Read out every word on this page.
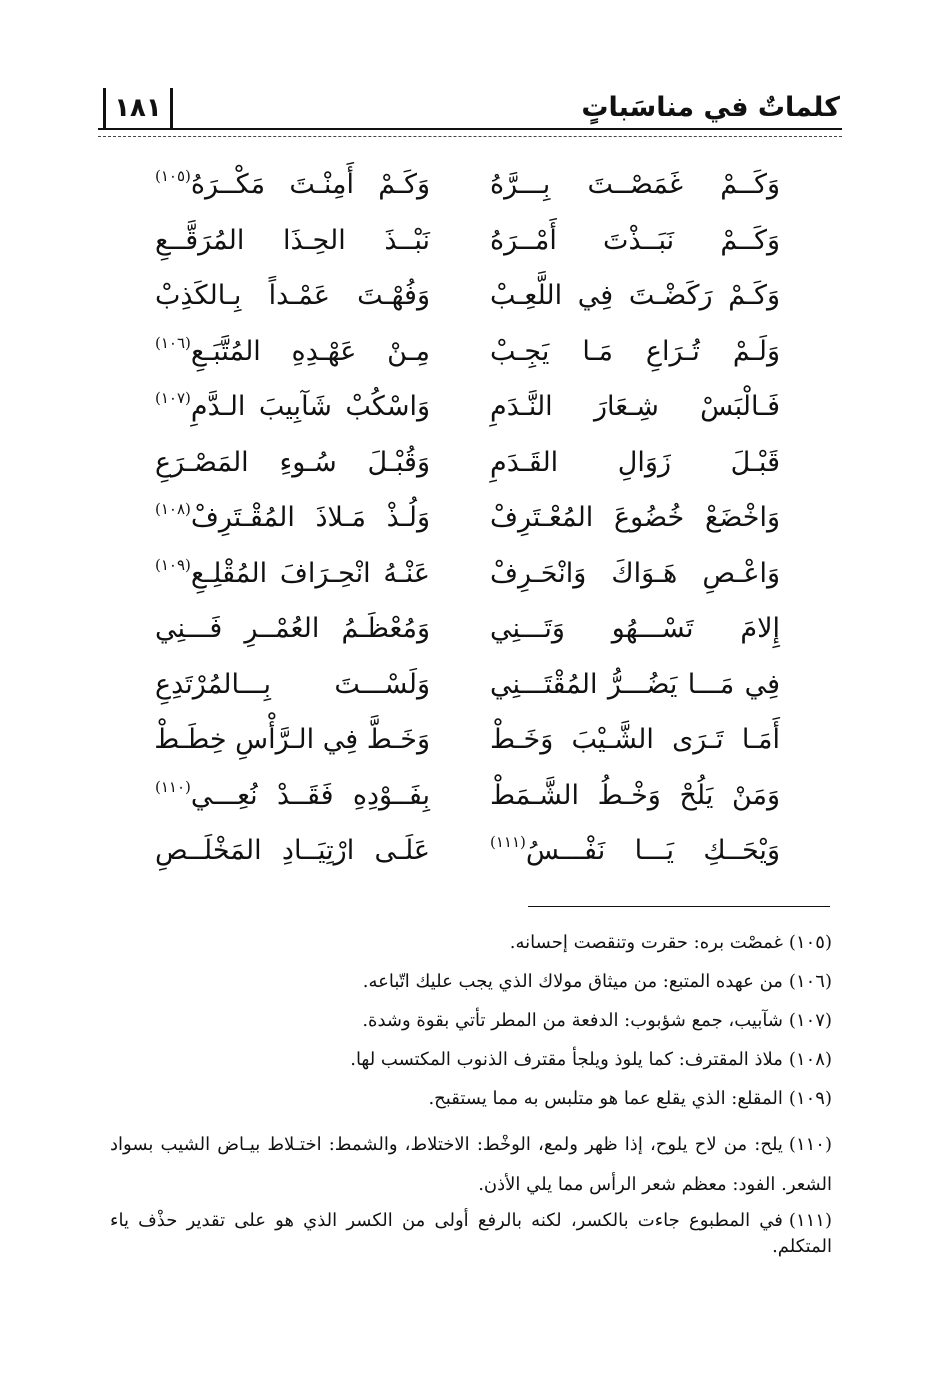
كلماتٌ في مناسَباتٍ
١٨١
وَكَــمْ غَمَصْــتَ بِـــرَّهُ
وَكَـمْ أَمِنْـتَ مَكْــرَهُ$^{(١٠٥)}$
وَكَــمْ نَبَــذْتَ أَمْــرَهُ
نَبْــذَ الحِـذَا المُرَقَّــعِ
وَكَـمْ رَكَضْـتَ فِي اللَّعِـبْ
وَفُهْـتَ عَمْـداً بِـالكَذِبْ
وَلَـمْ تُـرَاعِ مَـا يَجِـبْ
مِـنْ عَهْـدِهِ المُتَّبَـعِ$^{(١٠٦)}$
فَـالْبَسْ شِـعَارَ النَّـدَمِ
وَاسْكُبْ شَآبِيبَ الـدَّمِ$^{(١٠٧)}$
قَبْـلَ زَوَالِ القَـدَمِ
وَقُبْـلَ سُـوءِ المَصْـرَعِ
وَاخْضَعْ خُضُوعَ المُعْـتَرِفْ
وَلُـذْ مَـلاذَ المُقْـتَرِفْ$^{(١٠٨)}$
وَاعْـصِ هَـوَاكَ وَانْحَـرِفْ
عَنْـهُ انْحِـرَافَ المُقْلِـعِ$^{(١٠٩)}$
إِلامَ تَسْـــهُو وَتَـــنِي
وَمُعْظَـمُ العُمْــرِ فَـــنِي
فِي مَـــا يَضُـــرُّ المُقْتَـــنِي
وَلَسْـــتَ بِـــالمُرْتَدِعِ
أَمَـا تَـرَى الشَّـيْبَ وَخَـطْ
وَخَـطَّ فِي الـرَّأْسِ خِطَـطْ
وَمَنْ يَلُحْ وَخْـطُ الشَّـمَطْ
بِفَــوْدِهِ فَقَــدْ نُعِـــي$^{(١١٠)}$
وَيْحَــكِ يَـــا نَفْـــسُ$^{(١١١)}$
عَلَـى ارْتِيَــادِ المَخْلَــصِ
(١٠٥)غمصْت بره: حقرت وتنقصت إحسانه.
(١٠٦)من عهده المتبع: من ميثاق مولاك الذي يجب عليك اتّباعه.
(١٠٧)شآبيب، جمع شؤبوب: الدفعة من المطر تأتي بقوة وشدة.
(١٠٨)ملاذ المقترف: كما يلوذ ويلجأ مقترف الذنوب المكتسب لها.
(١٠٩)المقلع: الذي يقلع عما هو متلبس به مما يستقبح.
(١١٠)يلح: من لاح يلوح، إذا ظهر ولمع، الوخْط: الاختلاط، والشمط: اختـلاط بيـاض الشيب بسواد الشعر. الفود: معظم شعر الرأس مما يلي الأذن.
(١١١)في المطبوع جاءت بالكسر، لكنه بالرفع أولى من الكسر الذي هو على تقدير حذْف ياء المتكلم.
